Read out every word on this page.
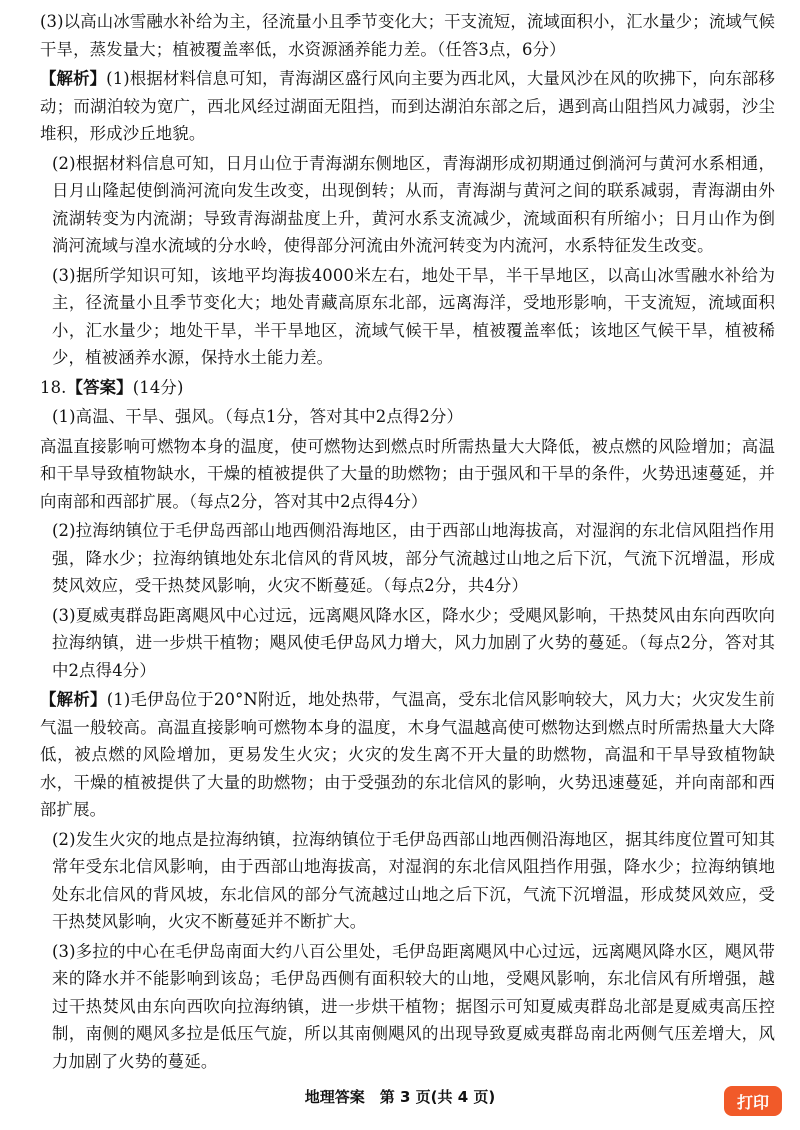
(3)以高山冰雪融水补给为主，径流量小且季节变化大；干支流短，流域面积小，汇水量少；流域气候干旱，蒸发量大；植被覆盖率低，水资源涵养能力差。（任答3点，6分）

【解析】(1)根据材料信息可知，青海湖区盛行风向主要为西北风，大量风沙在风的吹拂下，向东部移动；而湖泊较为宽广，西北风经过湖面无阻挡，而到达湖泊东部之后，遇到高山阻挡风力减弱，沙尘堆积，形成沙丘地貌。

(2)根据材料信息可知，日月山位于青海湖东侧地区，青海湖形成初期通过倒淌河与黄河水系相通，日月山隆起使倒淌河流向发生改变，出现倒转；从而，青海湖与黄河之间的联系减弱，青海湖由外流湖转变为内流湖；导致青海湖盐度上升，黄河水系支流减少，流域面积有所缩小；日月山作为倒淌河流域与湟水流域的分水岭，使得部分河流由外流河转变为内流河，水系特征发生改变。

(3)据所学知识可知，该地平均海拔4000米左右，地处干旱，半干旱地区，以高山冰雪融水补给为主，径流量小且季节变化大；地处青藏高原东北部，远离海洋，受地形影响，干支流短，流域面积小，汇水量少；地处干旱，半干旱地区，流域气候干旱，植被覆盖率低；该地区气候干旱，植被稀少，植被涵养水源，保持水土能力差。

18.【答案】(14分)

(1)高温、干旱、强风。（每点1分，答对其中2点得2分）

高温直接影响可燃物本身的温度，使可燃物达到燃点时所需热量大大降低，被点燃的风险增加；高温和干旱导致植物缺水，干燥的植被提供了大量的助燃物；由于强风和干旱的条件，火势迅速蔓延，并向南部和西部扩展。（每点2分，答对其中2点得4分）

(2)拉海纳镇位于毛伊岛西部山地西侧沿海地区，由于西部山地海拔高，对湿润的东北信风阻挡作用强，降水少；拉海纳镇地处东北信风的背风坡，部分气流越过山地之后下沉，气流下沉增温，形成焚风效应，受干热焚风影响，火灾不断蔓延。（每点2分，共4分）

(3)夏威夷群岛距离飓风中心过远，远离飓风降水区，降水少；受飓风影响，干热焚风由东向西吹向拉海纳镇，进一步烘干植物；飓风使毛伊岛风力增大，风力加剧了火势的蔓延。（每点2分，答对其中2点得4分）

【解析】(1)毛伊岛位于20°N附近，地处热带，气温高，受东北信风影响较大，风力大；火灾发生前气温一般较高。高温直接影响可燃物本身的温度，木身气温越高使可燃物达到燃点时所需热量大大降低，被点燃的风险增加，更易发生火灾；火灾的发生离不开大量的助燃物，高温和干旱导致植物缺水，干燥的植被提供了大量的助燃物；由于受强劲的东北信风的影响，火势迅速蔓延，并向南部和西部扩展。

(2)发生火灾的地点是拉海纳镇，拉海纳镇位于毛伊岛西部山地西侧沿海地区，据其纬度位置可知其常年受东北信风影响，由于西部山地海拔高，对湿润的东北信风阻挡作用强，降水少；拉海纳镇地处东北信风的背风坡，东北信风的部分气流越过山地之后下沉，气流下沉增温，形成焚风效应，受干热焚风影响，火灾不断蔓延并不断扩大。

(3)多拉的中心在毛伊岛南面大约八百公里处，毛伊岛距离飓风中心过远，远离飓风降水区，飓风带来的降水并不能影响到该岛；毛伊岛西侧有面积较大的山地，受飓风影响，东北信风有所增强，越过干热焚风由东向西吹向拉海纳镇，进一步烘干植物；据图示可知夏威夷群岛北部是夏威夷高压控制，南侧的飓风多拉是低压气旋，所以其南侧飓风的出现导致夏威夷群岛南北两侧气压差增大，风力加剧了火势的蔓延。

地理答案　第 3 页(共 4 页)	打印
